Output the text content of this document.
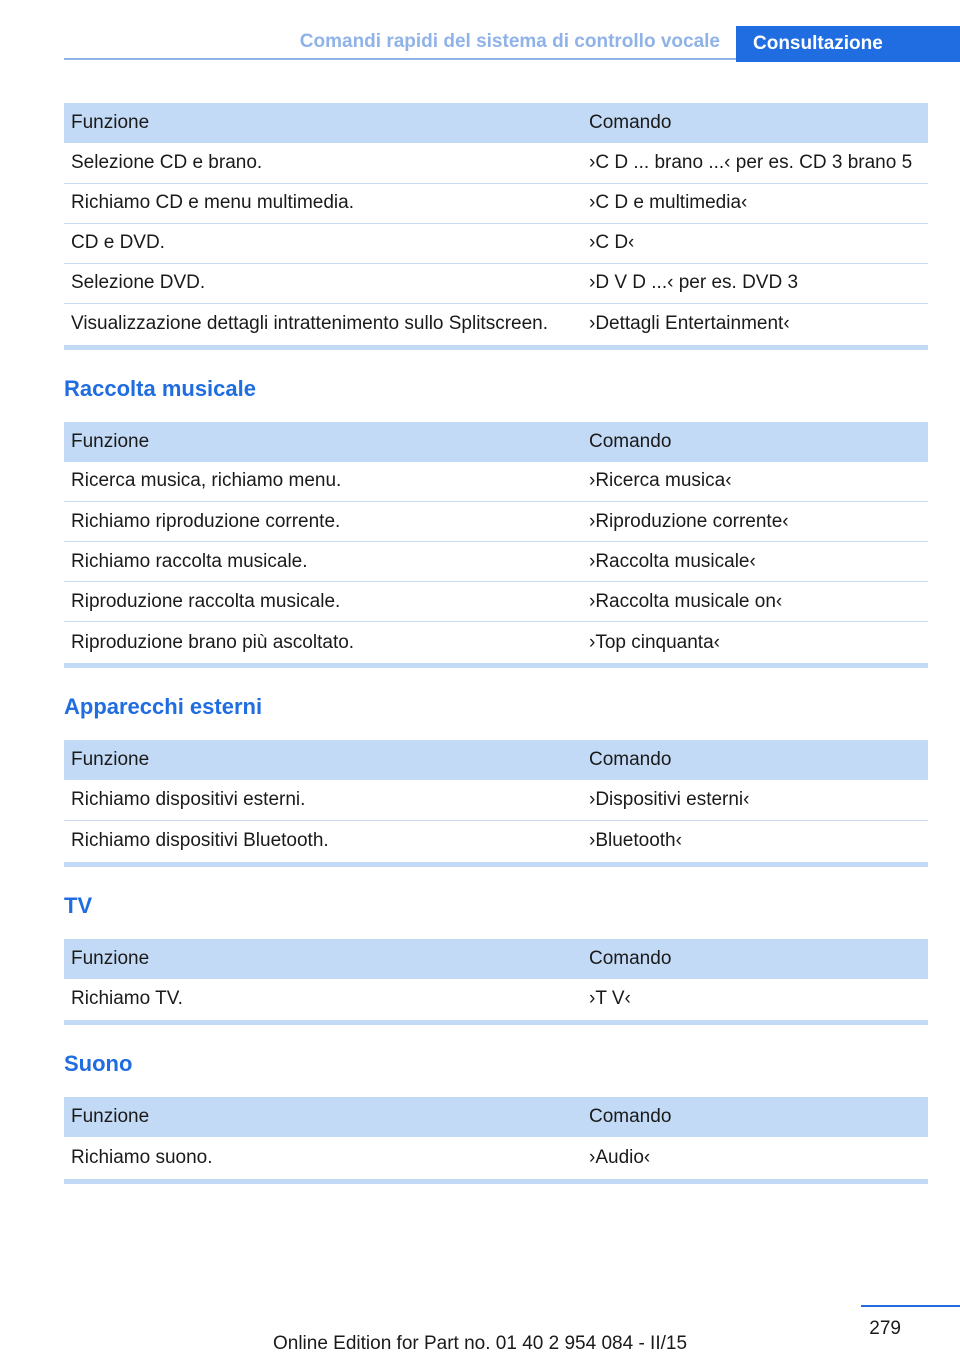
Comandi rapidi del sistema di controllo vocale	Consultazione
Funzione	Comando
Selezione CD e brano.	›C D ... brano ...‹ per es. CD 3 brano 5
Richiamo CD e menu multimedia.	›C D e multimedia‹
CD e DVD.	›C D‹
Selezione DVD.	›D V D ...‹ per es. DVD 3
Visualizzazione dettagli intrattenimento sullo Splitscreen.	›Dettagli Entertainment‹
Raccolta musicale
Funzione	Comando
Ricerca musica, richiamo menu.	›Ricerca musica‹
Richiamo riproduzione corrente.	›Riproduzione corrente‹
Richiamo raccolta musicale.	›Raccolta musicale‹
Riproduzione raccolta musicale.	›Raccolta musicale on‹
Riproduzione brano più ascoltato.	›Top cinquanta‹
Apparecchi esterni
Funzione	Comando
Richiamo dispositivi esterni.	›Dispositivi esterni‹
Richiamo dispositivi Bluetooth.	›Bluetooth‹
TV
Funzione	Comando
Richiamo TV.	›T V‹
Suono
Funzione	Comando
Richiamo suono.	›Audio‹
279
Online Edition for Part no. 01 40 2 954 084 - II/15
